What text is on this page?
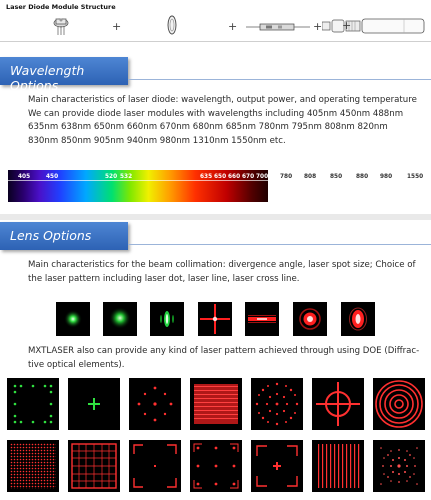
Laser Diode Module Structure
+	+	+ +
Wavelength Options
Main characteristics of laser diode: wavelength, output power, and operating temperature
We can provide diode laser modules with wavelengths including 405nm 450nm 488nm
635nm 638nm 650nm 660nm 670nm 680nm 685nm 780nm 795nm 808nm 820nm
830nm 850nm 905nm 940nm 980nm 1310nm 1550nm etc.
405	450	520 532	635 650 660 670 700 780 808 850 880 980	1550
Lens Options
Main characteristics for the beam collimation: divergence angle, laser spot size; Choice of
the laser pattern including laser dot, laser line, laser cross line.
MXTLASER also can provide any kind of laser pattern achieved through using DOE (Diffrac-
tive optical elements).
